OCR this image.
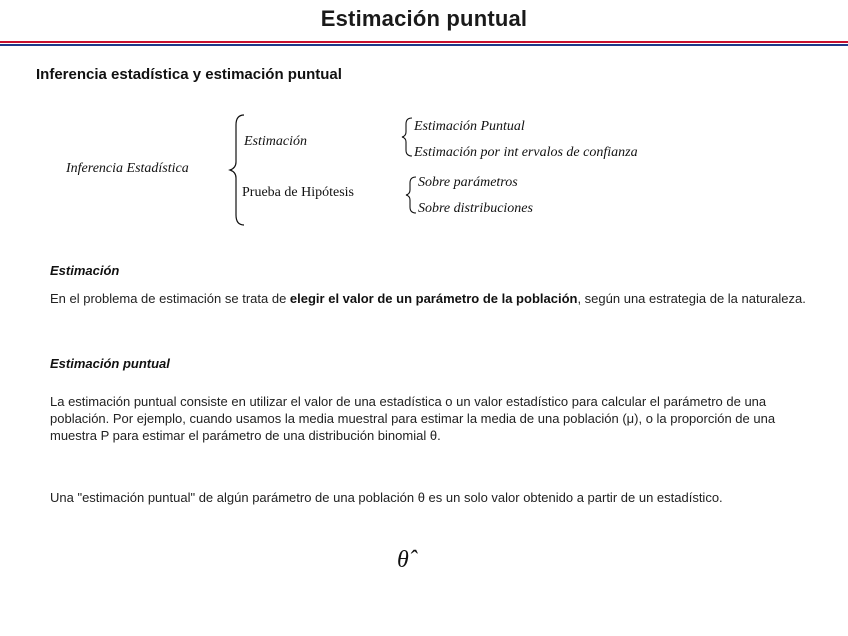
Estimación puntual
Inferencia estadística y estimación puntual
Inferencia Estadística
Estimación
Prueba de Hipótesis
Estimación Puntual
Estimación por int ervalos de confianza
Sobre parámetros
Sobre distribuciones
Estimación
En el problema de estimación se trata de elegir el valor de un parámetro de la población, según una estrategia de la naturaleza.
Estimación puntual
La estimación puntual consiste en utilizar el valor de una estadística o un valor estadístico para calcular el parámetro de una población. Por ejemplo, cuando usamos la media muestral para estimar la media de una población (μ), o la proporción de una muestra P para estimar el parámetro de una distribución binomial θ.
Una "estimación puntual" de algún parámetro de una población θ es un solo valor obtenido a partir de un estadístico.
θ̂
